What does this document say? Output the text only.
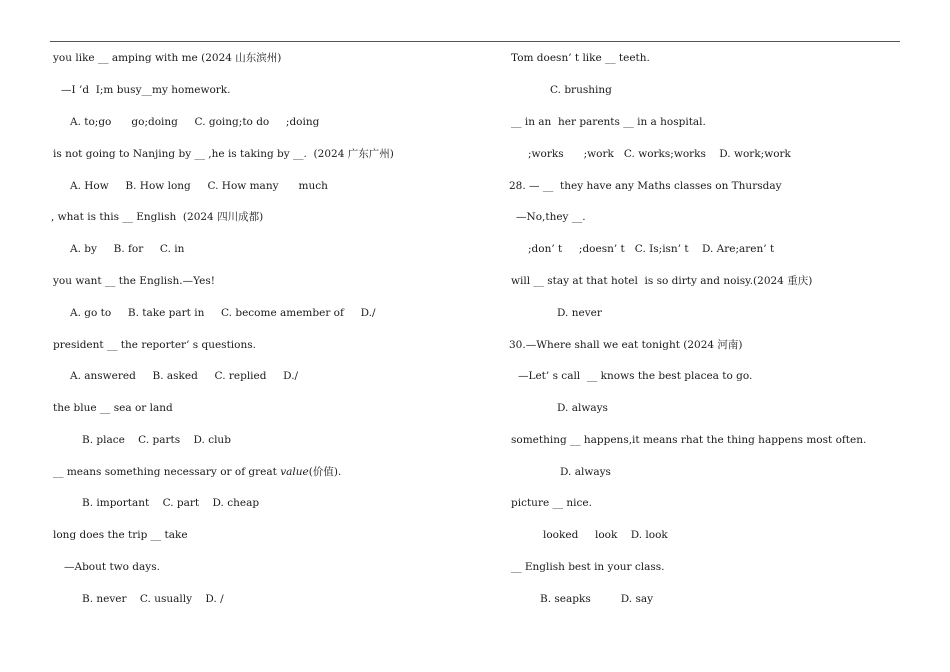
you like __ amping with me (2024 山东滨州)
—I ’d  I;m busy__my homework.
A. to;go      go;doing     C. going;to do     ;doing
is not going to Nanjing by __ ,he is taking by __.  (2024 广东广州)
A. How     B. How long     C. How many      much
, what is this __ English  (2024 四川成都)
A. by     B. for     C. in
you want __ the English.—Yes!
A. go to     B. take part in     C. become amember of     D./
president __ the reporter’ s questions.
A. answered     B. asked     C. replied     D./
the blue __ sea or land
B. place    C. parts    D. club
__ means something necessary or of great value(价值).
B. important    C. part    D. cheap
long does the trip __ take
—About two days.
B. never    C. usually    D. /
Tom doesn’ t like __ teeth.
C. brushing
__ in an  her parents __ in a hospital.
;works      ;work   C. works;works    D. work;work
28. — __  they have any Maths classes on Thursday
—No,they __.
;don’ t     ;doesn’ t   C. Is;isn’ t    D. Are;aren’ t
will __ stay at that hotel  is so dirty and noisy.(2024 重庆)
D. never
30.—Where shall we eat tonight (2024 河南)
—Let’ s call  __ knows the best placea to go.
D. always
something __ happens,it means rhat the thing happens most often.
D. always
picture __ nice.
looked     look    D. look
__ English best in your class.
B. seapks         D. say
